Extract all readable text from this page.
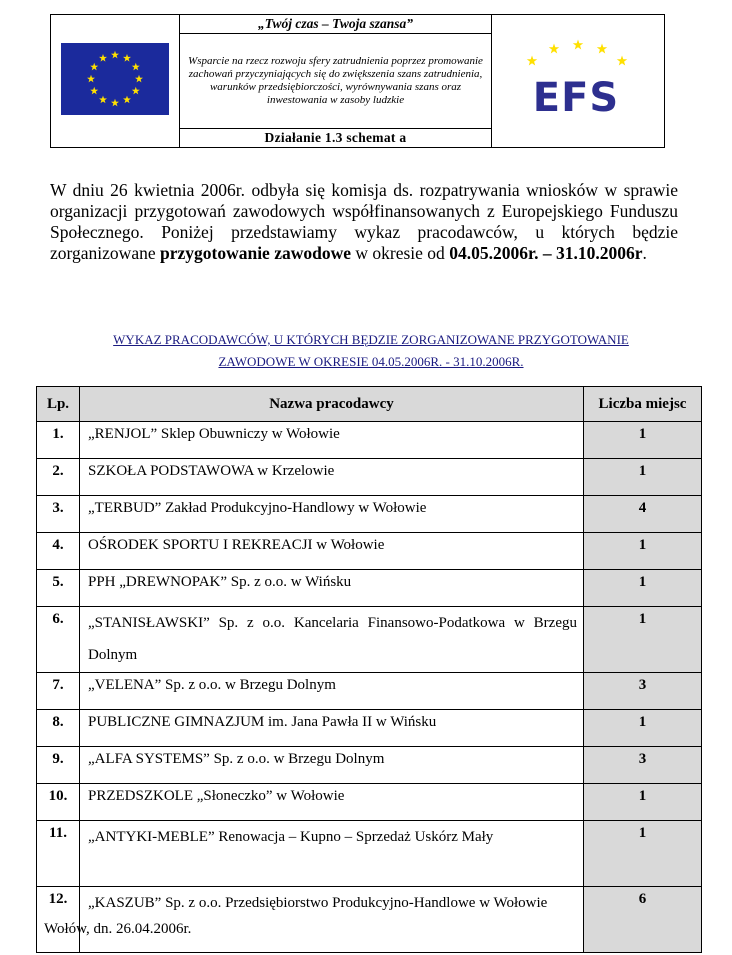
	„Twój czas – Twoja szansa”	
EFS

Wsparcie na rzecz rozwoju sfery zatrudnienia poprzez promowanie zachowań przyczyniających się do zwiększenia szans zatrudnienia, warunków przedsiębiorczości, wyrównywania szans oraz inwestowania w zasoby ludzkie
Działanie 1.3 schemat a

W dniu 26 kwietnia 2006r. odbyła się komisja ds. rozpatrywania wniosków w sprawie organizacji przygotowań zawodowych współfinansowanych z Europejskiego Funduszu Społecznego. Poniżej przedstawiamy wykaz pracodawców, u których będzie zorganizowane przygotowanie zawodowe w okresie od 04.05.2006r. – 31.10.2006r.

WYKAZ PRACODAWCÓW, U KTÓRYCH BĘDZIE ZORGANIZOWANE PRZYGOTOWANIE
ZAWODOWE W OKRESIE 04.05.2006R. - 31.10.2006R.

Lp.	Nazwa pracodawcy	Liczba miejsc
1.	„RENJOL” Sklep Obuwniczy w Wołowie	1
2.	SZKOŁA PODSTAWOWA w Krzelowie	1
3.	„TERBUD” Zakład Produkcyjno-Handlowy w Wołowie	4
4.	OŚRODEK SPORTU I REKREACJI w Wołowie	1
5.	PPH „DREWNOPAK” Sp. z o.o. w Wińsku	1
6.	„STANISŁAWSKI” Sp. z o.o. Kancelaria Finansowo-Podatkowa w Brzegu Dolnym	1
7.	„VELENA” Sp. z o.o. w Brzegu Dolnym	3
8.	PUBLICZNE GIMNAZJUM im. Jana Pawła II w Wińsku	1
9.	„ALFA SYSTEMS” Sp. z o.o. w Brzegu Dolnym	3
10.	PRZEDSZKOLE „Słoneczko” w Wołowie	1
11.	„ANTYKI-MEBLE” Renowacja – Kupno – Sprzedaż Uskórz Mały	1
12.	„KASZUB” Sp. z o.o. Przedsiębiorstwo Produkcyjno-Handlowe w Wołowie	6

Wołów, dn. 26.04.2006r.
